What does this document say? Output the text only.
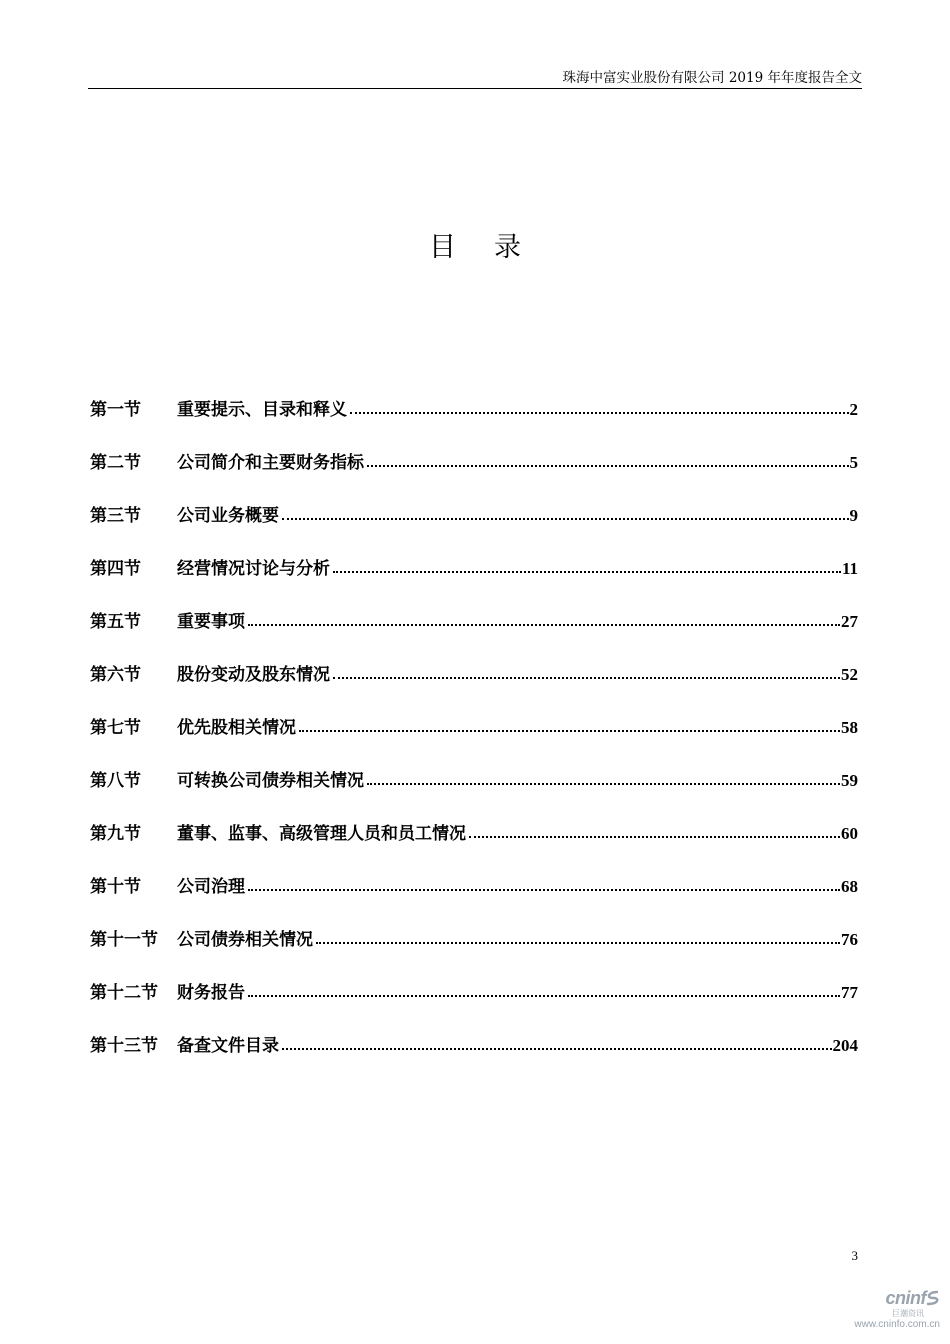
珠海中富实业股份有限公司 2019 年年度报告全文
目录
第一节	重要提示、目录和释义	2
第二节	公司简介和主要财务指标	5
第三节	公司业务概要	9
第四节	经营情况讨论与分析	11
第五节	重要事项	27
第六节	股份变动及股东情况	52
第七节	优先股相关情况	58
第八节	可转换公司债券相关情况	59
第九节	董事、监事、高级管理人员和员工情况	60
第十节	公司治理	68
第十一节	公司债券相关情况	76
第十二节	财务报告	77
第十三节	备查文件目录	204
3
cninf
巨潮资讯
www.cninfo.com.cn
